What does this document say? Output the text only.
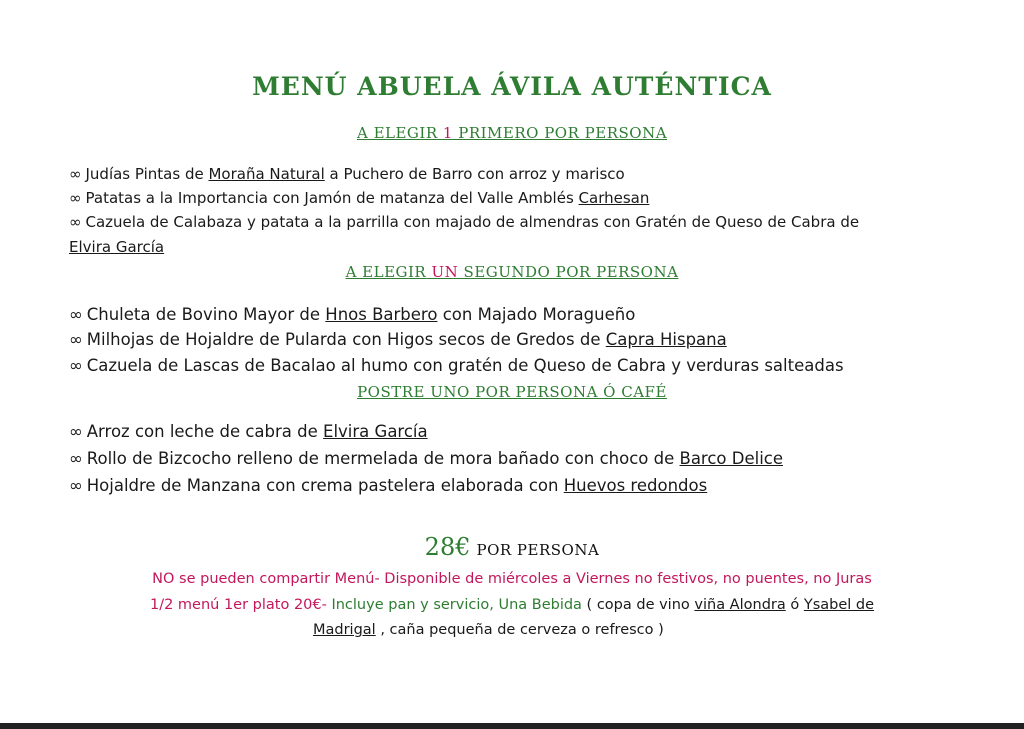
MENÚ ABUELA ÁVILA AUTÉNTICA
A ELEGIR 1 PRIMERO POR PERSONA
∞ Judías Pintas de Moraña Natural a Puchero de Barro con arroz y marisco
∞ Patatas a la Importancia con Jamón de matanza del Valle Amblés Carhesan
∞ Cazuela de Calabaza y patata a la parrilla con majado de almendras con Gratén de Queso de Cabra de
Elvira García
A ELEGIR UN SEGUNDO POR PERSONA
∞ Chuleta de Bovino Mayor de Hnos Barbero con Majado Moragueño
∞ Milhojas de Hojaldre de Pularda con Higos secos de Gredos de Capra Hispana
∞ Cazuela de Lascas de Bacalao al humo con gratén de Queso de Cabra y verduras salteadas
POSTRE UNO POR PERSONA Ó CAFÉ
∞ Arroz con leche de cabra de Elvira García
∞ Rollo de Bizcocho relleno de mermelada de mora bañado con choco de Barco Delice
∞ Hojaldre de Manzana con crema pastelera elaborada con Huevos redondos
28€ POR PERSONA
NO se pueden compartir Menú- Disponible de miércoles a Viernes no festivos, no puentes, no Juras
1/2 menú 1er plato 20€- Incluye pan y servicio, Una Bebida ( copa de vino viña Alondra ó Ysabel de
Madrigal , caña pequeña de cerveza o refresco )
